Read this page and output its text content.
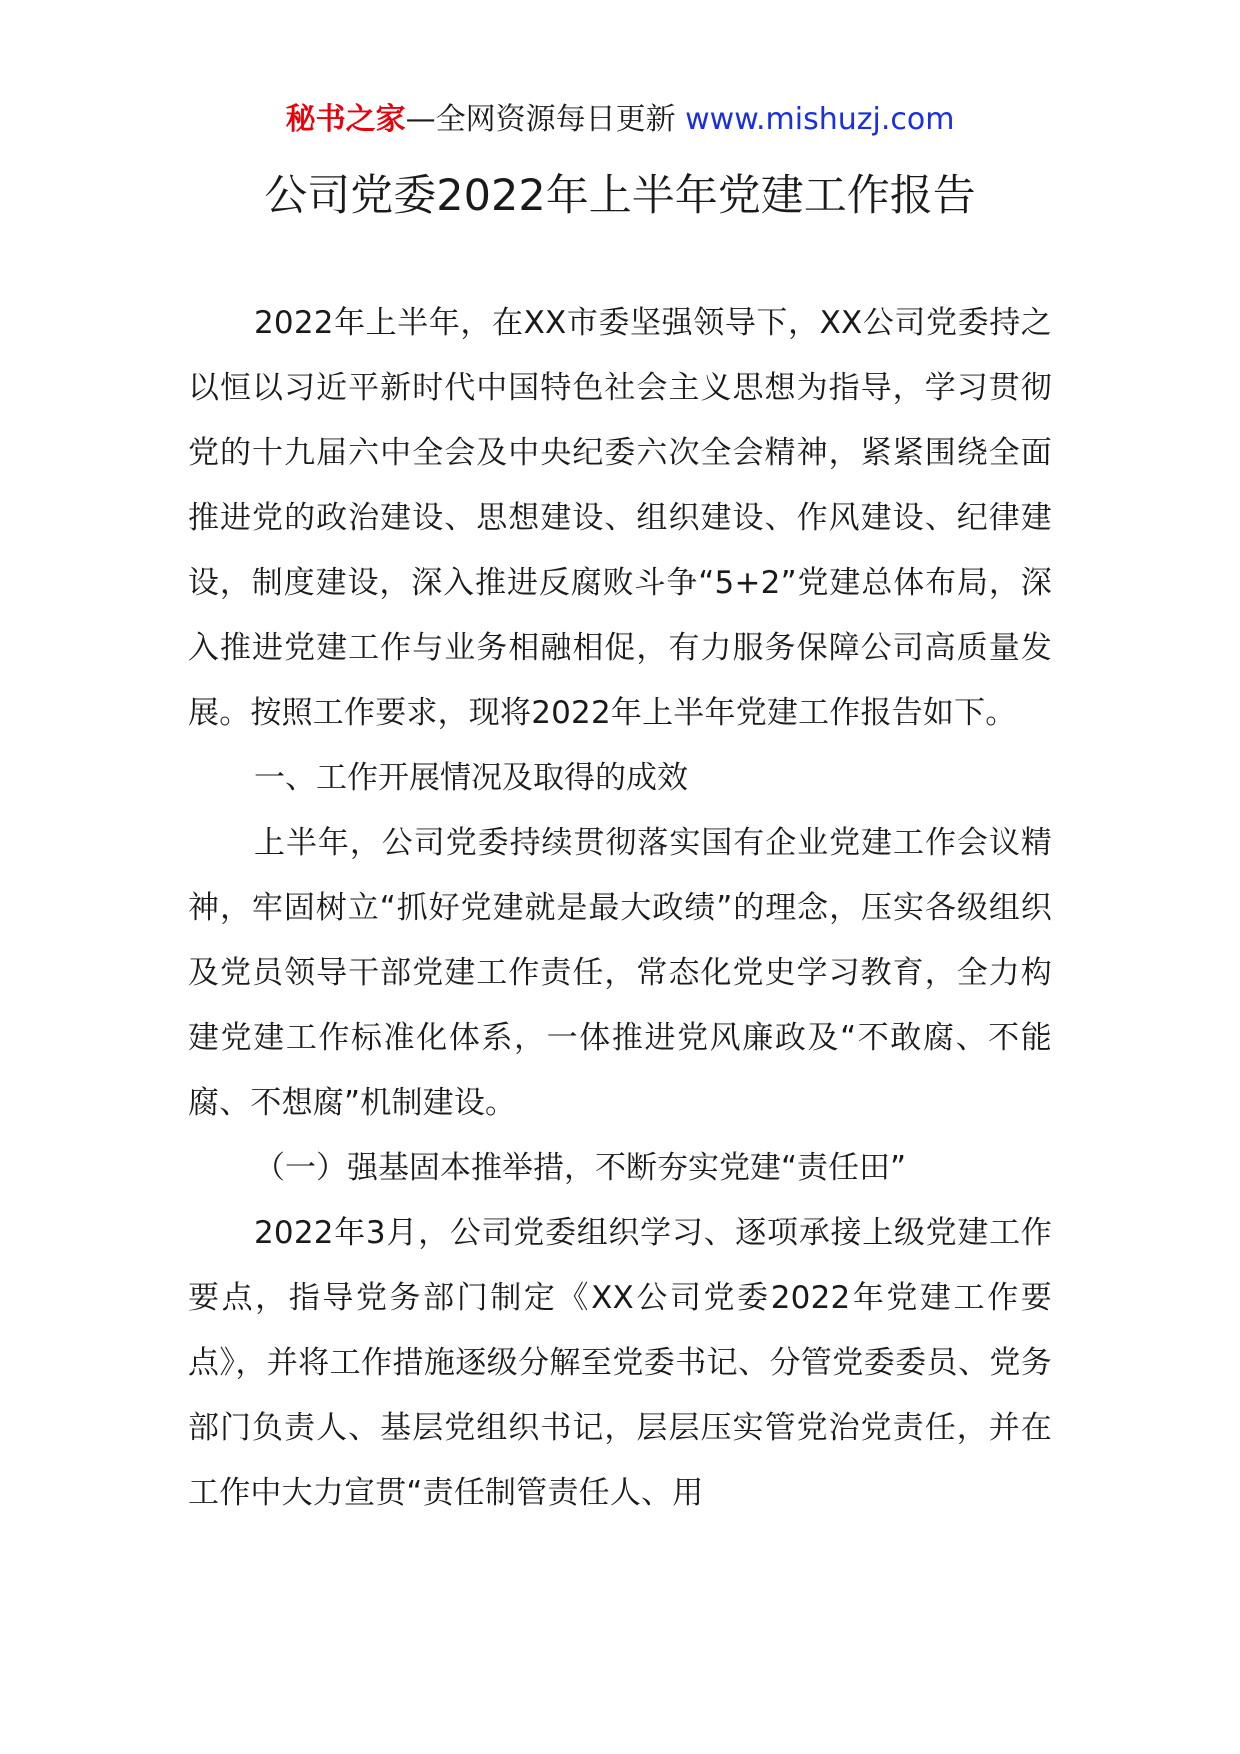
秘书之家—全网资源每日更新 www.mishuzj.com
公司党委2022年上半年党建工作报告

2022年上半年，在XX市委坚强领导下，XX公司党委持之以恒以习近平新时代中国特色社会主义思想为指导，学习贯彻党的十九届六中全会及中央纪委六次全会精神，紧紧围绕全面推进党的政治建设、思想建设、组织建设、作风建设、纪律建设，制度建设，深入推进反腐败斗争“5+2”党建总体布局，深入推进党建工作与业务相融相促，有力服务保障公司高质量发展。按照工作要求，现将2022年上半年党建工作报告如下。

一、工作开展情况及取得的成效

上半年，公司党委持续贯彻落实国有企业党建工作会议精神，牢固树立“抓好党建就是最大政绩”的理念，压实各级组织及党员领导干部党建工作责任，常态化党史学习教育，全力构建党建工作标准化体系，一体推进党风廉政及“不敢腐、不能腐、不想腐”机制建设。

（一）强基固本推举措，不断夯实党建“责任田”

2022年3月，公司党委组织学习、逐项承接上级党建工作要点，指导党务部门制定《XX公司党委2022年党建工作要点》，并将工作措施逐级分解至党委书记、分管党委委员、党务部门负责人、基层党组织书记，层层压实管党治党责任，并在工作中大力宣贯“责任制管责任人、用
